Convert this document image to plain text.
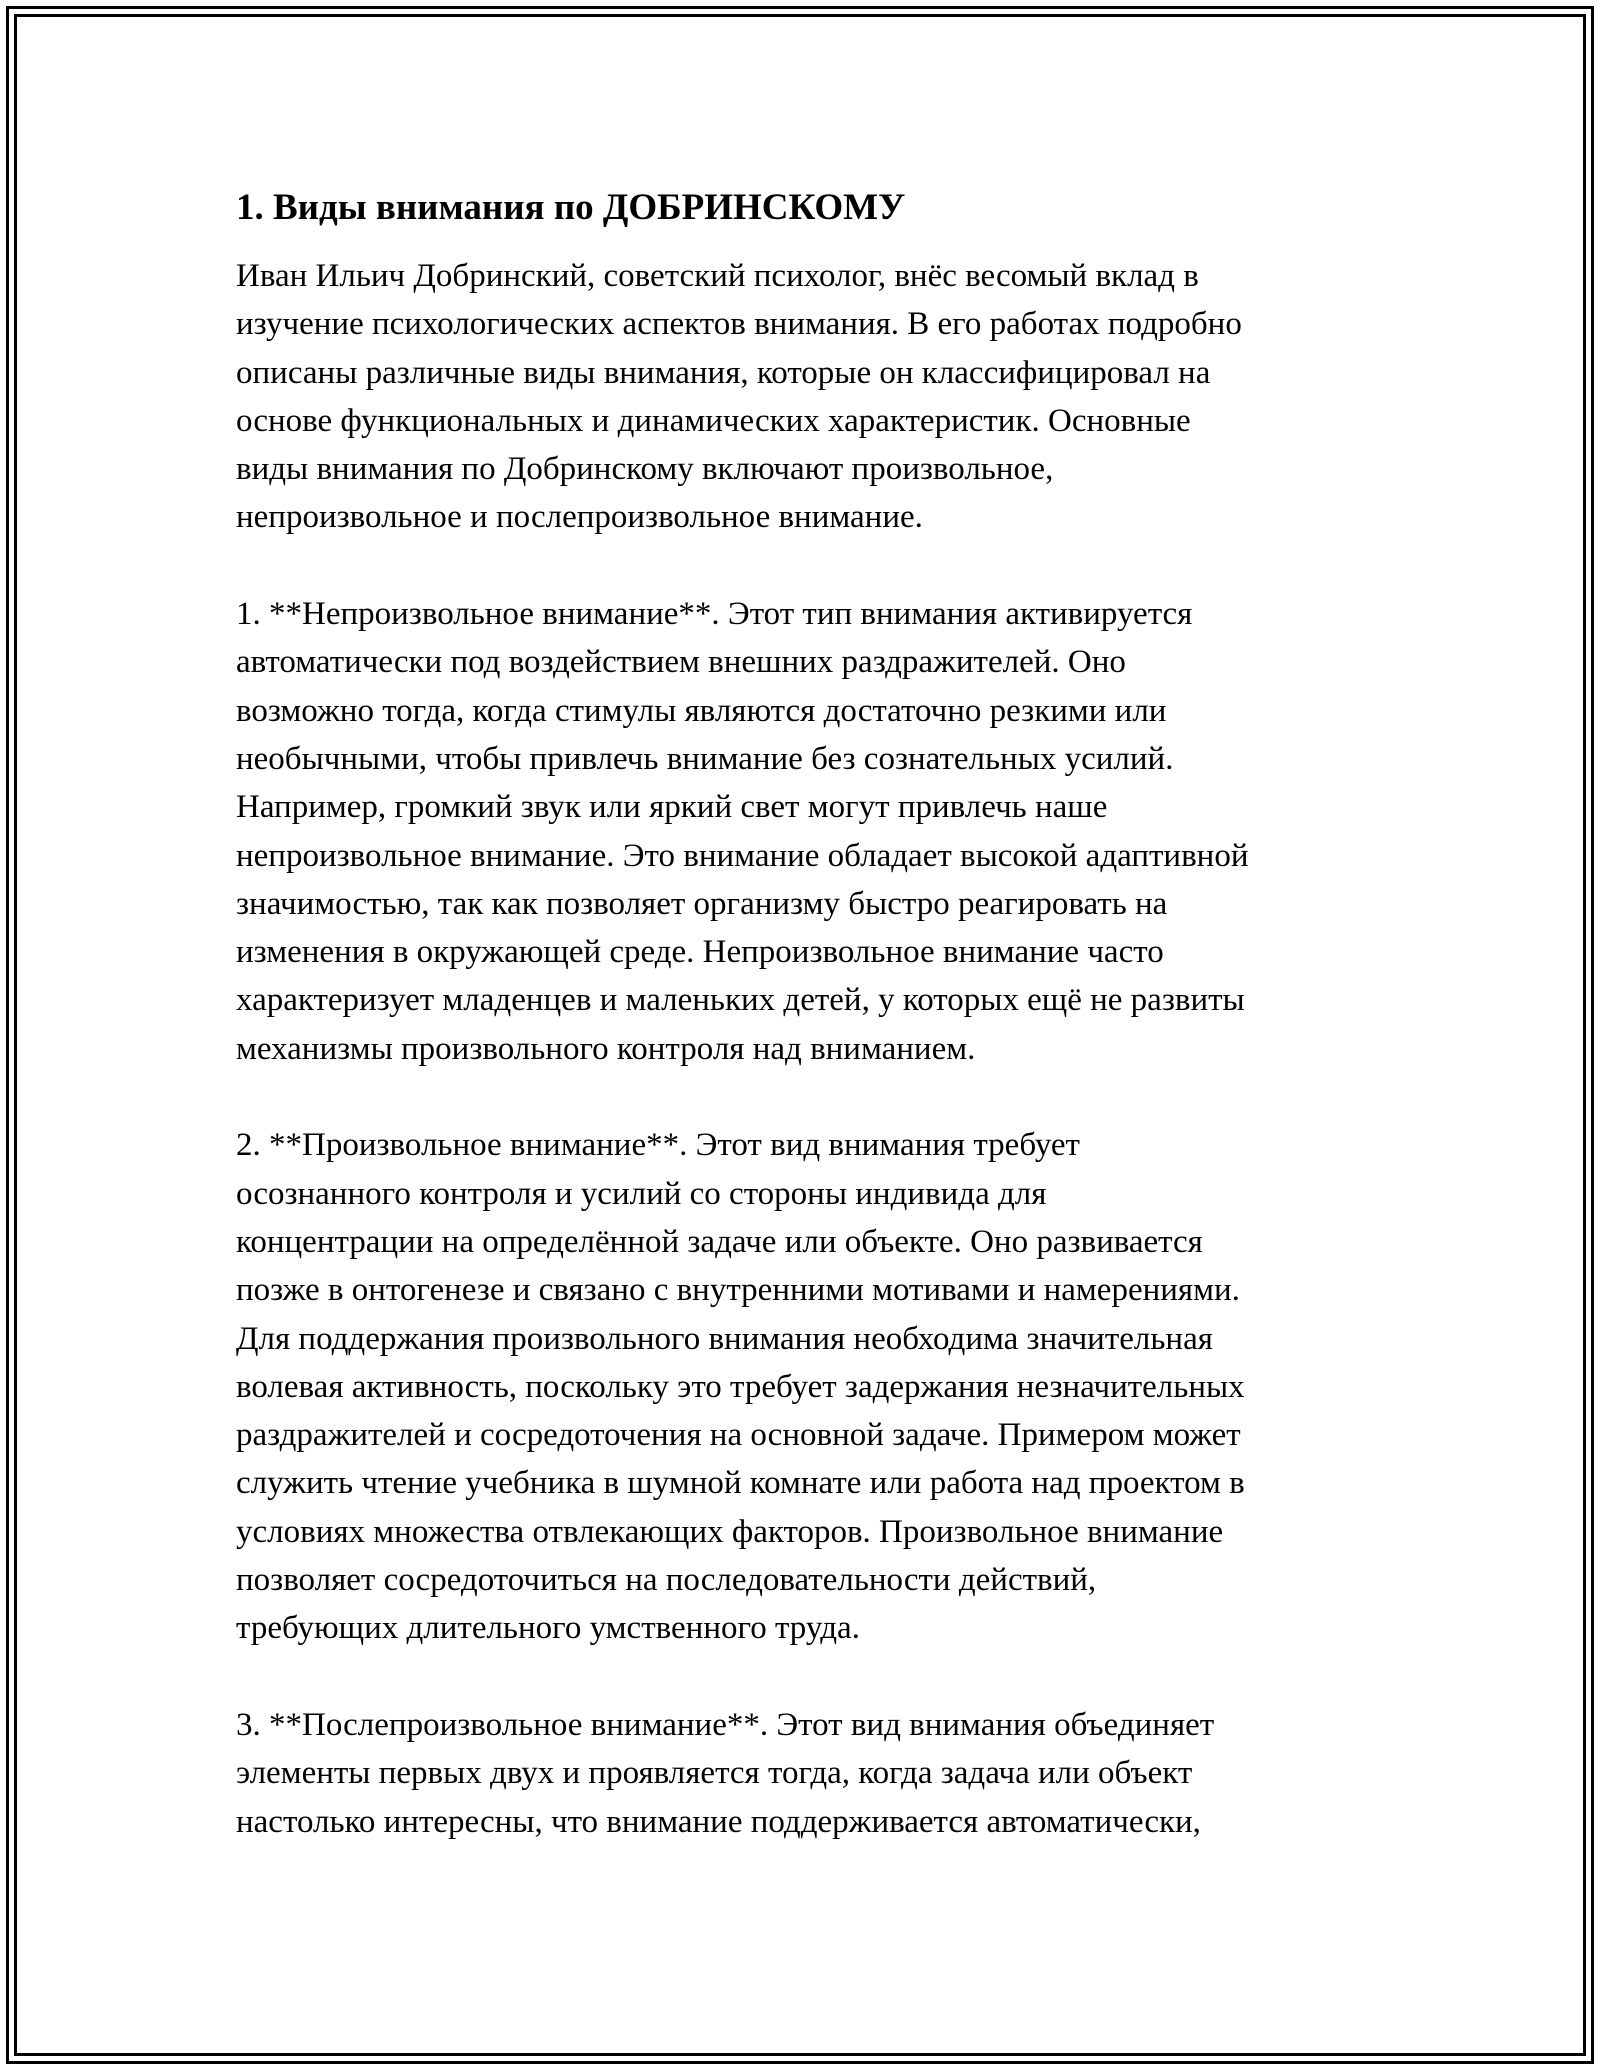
1. Виды внимания по ДОБРИНСКОМУ

Иван Ильич Добринский, советский психолог, внёс весомый вклад в
изучение психологических аспектов внимания. В его работах подробно
описаны различные виды внимания, которые он классифицировал на
основе функциональных и динамических характеристик. Основные
виды внимания по Добринскому включают произвольное,
непроизвольное и послепроизвольное внимание.

1. **Непроизвольное внимание**. Этот тип внимания активируется
автоматически под воздействием внешних раздражителей. Оно
возможно тогда, когда стимулы являются достаточно резкими или
необычными, чтобы привлечь внимание без сознательных усилий.
Например, громкий звук или яркий свет могут привлечь наше
непроизвольное внимание. Это внимание обладает высокой адаптивной
значимостью, так как позволяет организму быстро реагировать на
изменения в окружающей среде. Непроизвольное внимание часто
характеризует младенцев и маленьких детей, у которых ещё не развиты
механизмы произвольного контроля над вниманием.

2. **Произвольное внимание**. Этот вид внимания требует
осознанного контроля и усилий со стороны индивида для
концентрации на определённой задаче или объекте. Оно развивается
позже в онтогенезе и связано с внутренними мотивами и намерениями.
Для поддержания произвольного внимания необходима значительная
волевая активность, поскольку это требует задержания незначительных
раздражителей и сосредоточения на основной задаче. Примером может
служить чтение учебника в шумной комнате или работа над проектом в
условиях множества отвлекающих факторов. Произвольное внимание
позволяет сосредоточиться на последовательности действий,
требующих длительного умственного труда.

3. **Послепроизвольное внимание**. Этот вид внимания объединяет
элементы первых двух и проявляется тогда, когда задача или объект
настолько интересны, что внимание поддерживается автоматически,
